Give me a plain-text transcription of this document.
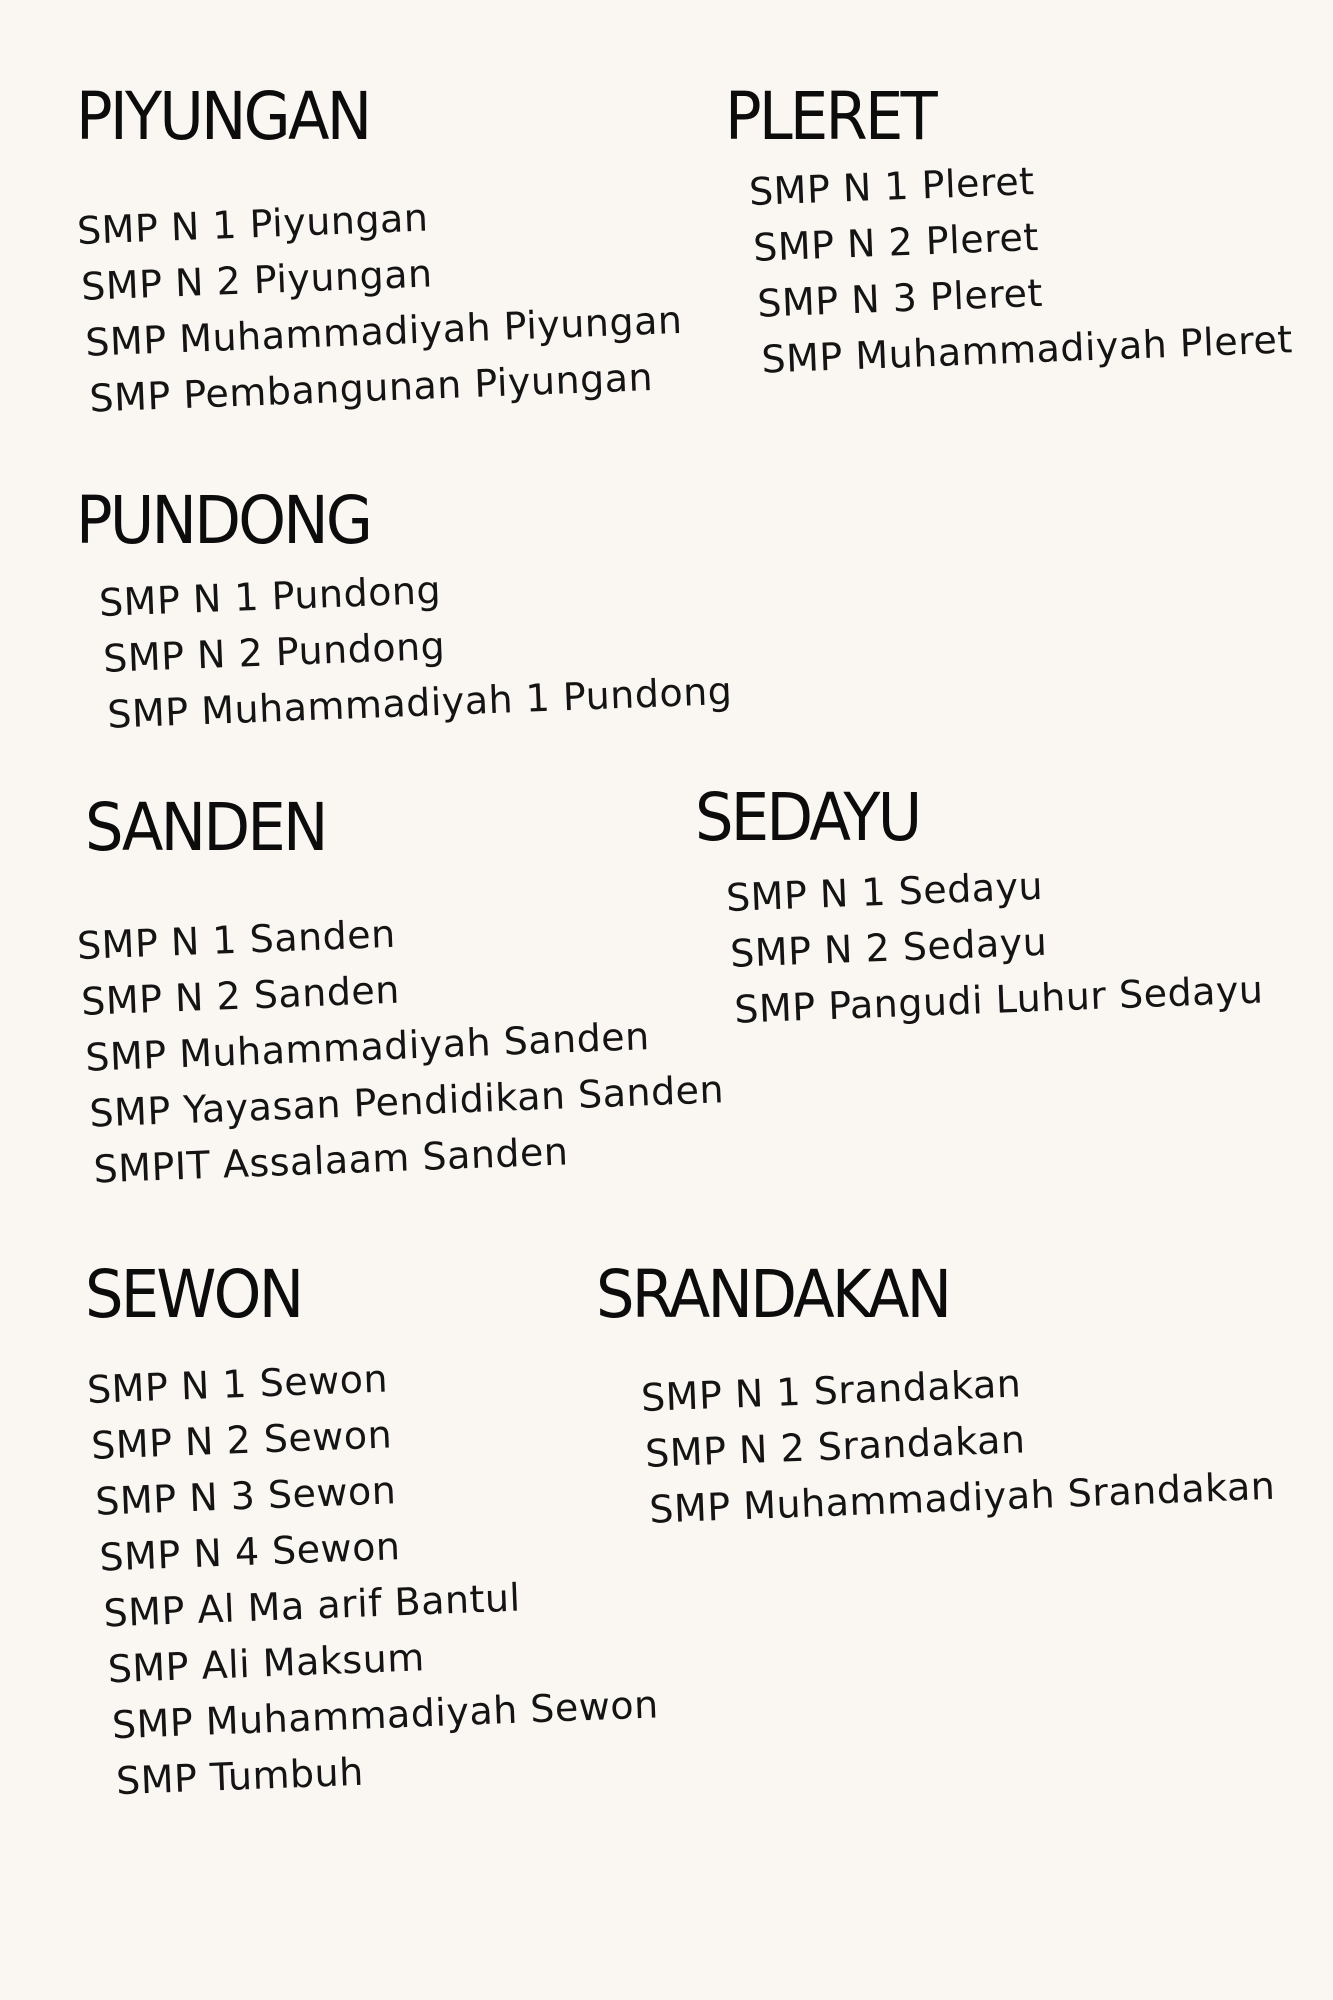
PIYUNGAN
SMP N 1 Piyungan
SMP N 2 Piyungan
SMP Muhammadiyah Piyungan
SMP Pembangunan Piyungan
PLERET
SMP N 1 Pleret
SMP N 2 Pleret
SMP N 3 Pleret
SMP Muhammadiyah Pleret
PUNDONG
SMP N 1 Pundong
SMP N 2 Pundong
SMP Muhammadiyah 1 Pundong
SANDEN
SMP N 1 Sanden
SMP N 2 Sanden
SMP Muhammadiyah Sanden
SMP Yayasan Pendidikan Sanden
SMPIT Assalaam Sanden
SEDAYU
SMP N 1 Sedayu
SMP N 2 Sedayu
SMP Pangudi Luhur Sedayu
SEWON
SMP N 1 Sewon
SMP N 2 Sewon
SMP N 3 Sewon
SMP N 4 Sewon
SMP Al Ma arif Bantul
SMP Ali Maksum
SMP Muhammadiyah Sewon
SMP Tumbuh
SRANDAKAN
SMP N 1 Srandakan
SMP N 2 Srandakan
SMP Muhammadiyah Srandakan
